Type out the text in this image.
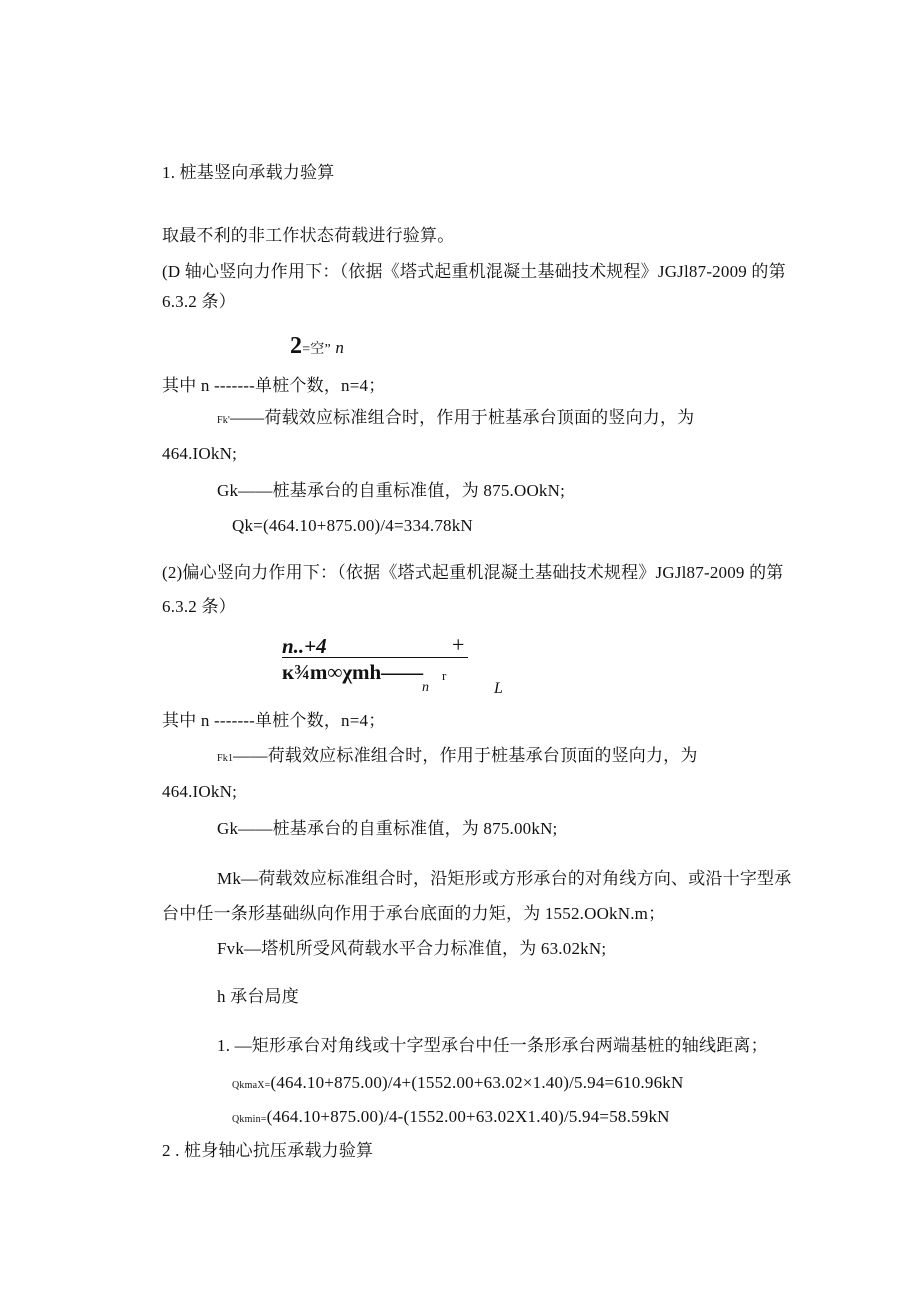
1. 桩基竖向承载力验算
取最不利的非工作状态荷载进行验算。
(D 轴心竖向力作用下：（依据《塔式起重机混凝土基础技术规程》JGJl87-2009 的第
6.3.2 条）
2=空” n
其中 n -------单桩个数，n=4；
Fk'——荷载效应标准组合时，作用于桩基承台顶面的竖向力，为
464.IOkN;
Gk——桩基承台的自重标准值，为 875.OOkN;
Qk=(464.10+875.00)/4=334.78kN
(2)偏心竖向力作用下：（依据《塔式起重机混凝土基础技术规程》JGJl87-2009 的第
6.3.2 条）
n..+4	+
к¾m∞χmh——
n
r
L
其中 n -------单桩个数，n=4；
Fk1——荷载效应标准组合时，作用于桩基承台顶面的竖向力，为
464.IOkN;
Gk——桩基承台的自重标准值，为 875.00kN;
Mk—荷载效应标准组合时，沿矩形或方形承台的对角线方向、或沿十字型承
台中任一条形基础纵向作用于承台底面的力矩，为 1552.OOkN.m；
Fvk—塔机所受风荷载水平合力标准值，为 63.02kN;
h 承台局度
1. —矩形承台对角线或十字型承台中任一条形承台两端基桩的轴线距离；
QkmaX=(464.10+875.00)/4+(1552.00+63.02×1.40)/5.94=610.96kN
Qkmin=(464.10+875.00)/4-(1552.00+63.02X1.40)/5.94=58.59kN
2 . 桩身轴心抗压承载力验算
